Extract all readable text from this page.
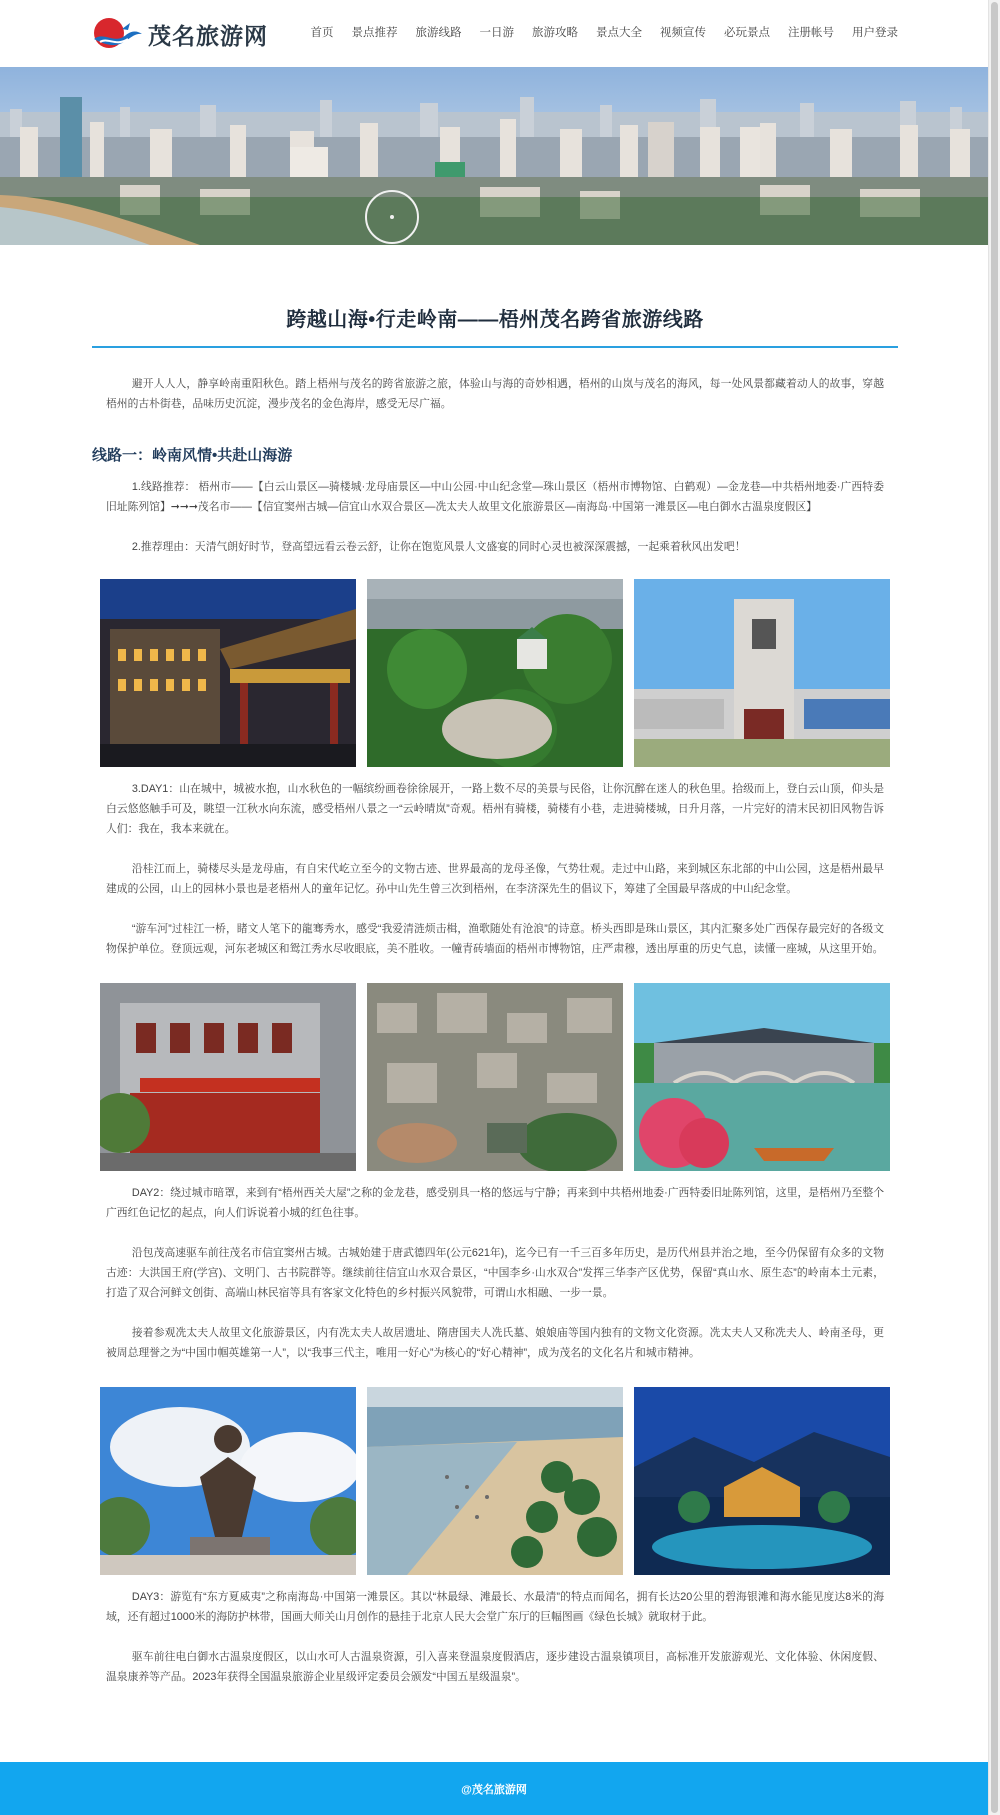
茂名旅游网	首页 景点推荐 旅游线路 一日游 旅游攻略 景点大全 视频宣传 必玩景点 注册帐号 用户登录
跨越山海•行走岭南——梧州茂名跨省旅游线路

避开人人人，静享岭南重阳秋色。踏上梧州与茂名的跨省旅游之旅，体验山与海的奇妙相遇，梧州的山岚与茂名的海风，每一处风景都藏着动人的故事，穿越梧州的古朴街巷，品味历史沉淀，漫步茂名的金色海岸，感受无尽广福。

线路一：岭南风情•共赴山海游

1.线路推荐： 梧州市——【白云山景区—骑楼城·龙母庙景区—中山公园·中山纪念堂—珠山景区（梧州市博物馆、白鹤观）—金龙巷—中共梧州地委·广西特委旧址陈列馆】➞➞➞茂名市——【信宜窦州古城—信宜山水双合景区—冼太夫人故里文化旅游景区—南海岛·中国第一滩景区—电白御水古温泉度假区】

2.推荐理由：天清气朗好时节，登高望远看云卷云舒，让你在饱览风景人文盛宴的同时心灵也被深深震撼，一起乘着秋风出发吧！

3.DAY1：山在城中，城被水抱，山水秋色的一幅缤纷画卷徐徐展开，一路上数不尽的美景与民俗，让你沉醉在迷人的秋色里。拾级而上，登白云山顶，仰头是白云悠悠触手可及，眺望一江秋水向东流，感受梧州八景之一“云岭晴岚”奇观。梧州有骑楼，骑楼有小巷，走进骑楼城，日升月落，一片完好的清末民初旧风物告诉人们：我在，我本来就在。

沿桂江而上，骑楼尽头是龙母庙，有自宋代屹立至今的文物古迹、世界最高的龙母圣像，气势壮观。走过中山路，来到城区东北部的中山公园，这是梧州最早建成的公园，山上的园林小景也是老梧州人的童年记忆。孙中山先生曾三次到梧州，在李济深先生的倡议下，筹建了全国最早落成的中山纪念堂。

“游车河”过桂江一桥，睹文人笔下的龍骞秀水，感受“我爱清涟烦击楫，渔歌随处有沧浪”的诗意。桥头西即是珠山景区，其内汇聚多处广西保存最完好的各级文物保护单位。登顶远观，河东老城区和鸳江秀水尽收眼底，美不胜收。一幢青砖墙面的梧州市博物馆，庄严肃穆，透出厚重的历史气息，读懂一座城，从这里开始。

DAY2：绕过城市暗罩，来到有“梧州西关大屋”之称的金龙巷，感受别具一格的悠远与宁静；再来到中共梧州地委·广西特委旧址陈列馆，这里，是梧州乃至整个广西红色记忆的起点，向人们诉说着小城的红色往事。

沿包茂高速驱车前往茂名市信宜窦州古城。古城始建于唐武德四年(公元621年)，迄今已有一千三百多年历史，是历代州县并治之地，至今仍保留有众多的文物古迹：大洪国王府(学宫)、文明门、古书院群等。继续前往信宜山水双合景区，“中国李乡·山水双合”发挥三华李产区优势，保留“真山水、原生态”的岭南本土元素，打造了双合河鲜文创街、高端山林民宿等具有客家文化特色的乡村振兴风貌带，可谓山水相融、一步一景。

接着参观冼太夫人故里文化旅游景区，内有冼太夫人故居遗址、隋唐国夫人冼氏墓、娘娘庙等国内独有的文物文化资源。冼太夫人又称冼夫人、岭南圣母，更被周总理誉之为“中国巾帼英雄第一人”，以“我事三代主，唯用一好心”为核心的“好心精神”，成为茂名的文化名片和城市精神。

DAY3：游览有“东方夏威夷”之称南海岛·中国第一滩景区。其以“林最绿、滩最长、水最清”的特点而闻名，拥有长达20公里的碧海银滩和海水能见度达8米的海域，还有超过1000米的海防护林带，国画大师关山月创作的悬挂于北京人民大会堂广东厅的巨幅图画《绿色长城》就取材于此。

驱车前往电白御水古温泉度假区，以山水可人古温泉资源，引入喜来登温泉度假酒店，逐步建设古温泉镇项目，高标准开发旅游观光、文化体验、休闲度假、温泉康养等产品。2023年获得全国温泉旅游企业星级评定委员会颁发“中国五星级温泉”。

@茂名旅游网
